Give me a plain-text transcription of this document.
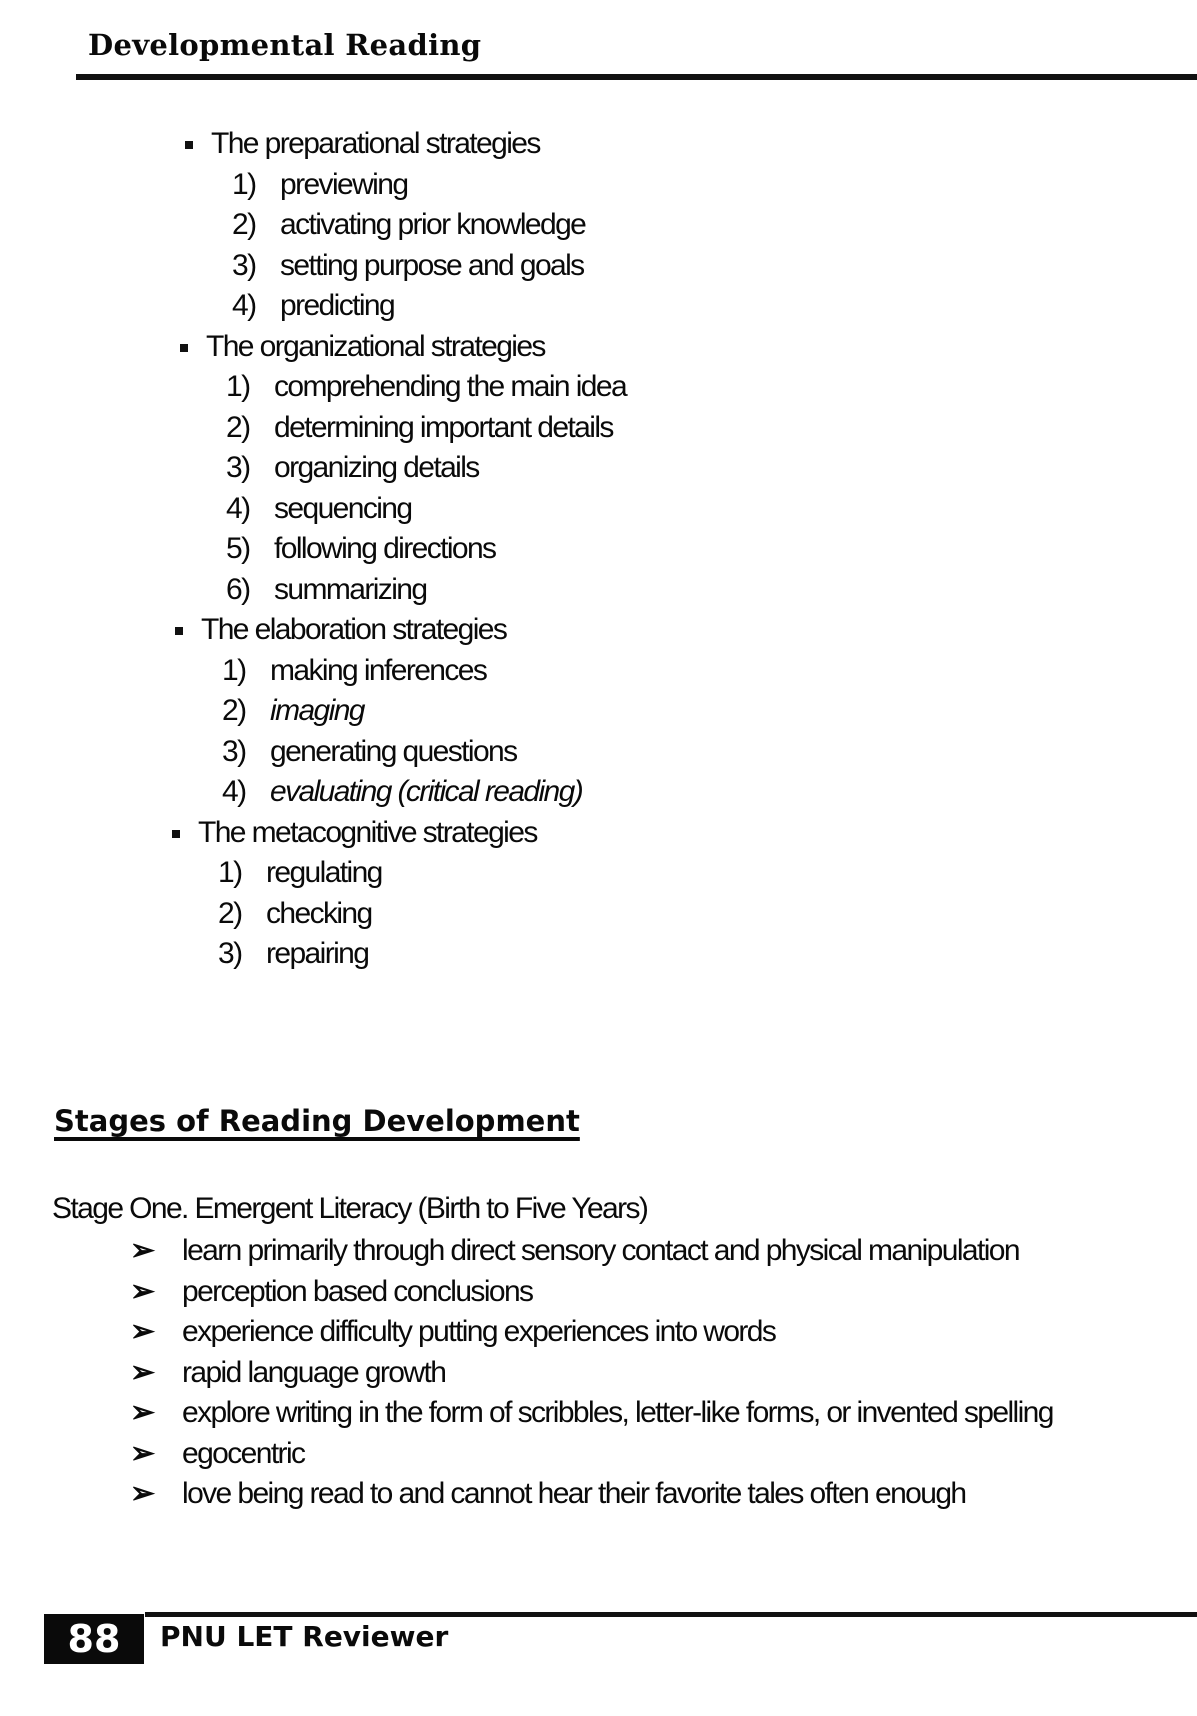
Developmental Reading
The preparational strategies
1) previewing
2) activating prior knowledge
3) setting purpose and goals
4) predicting
The organizational strategies
1) comprehending the main idea
2) determining important details
3) organizing details
4) sequencing
5) following directions
6) summarizing
The elaboration strategies
1) making inferences
2) imaging
3) generating questions
4) evaluating (critical reading)
The metacognitive strategies
1) regulating
2) checking
3) repairing
Stage One. Emergent Literacy (Birth to Five Years)
➢ learn primarily through direct sensory contact and physical manipulation
➢ perception based conclusions
➢ experience difficulty putting experiences into words
➢ rapid language growth
➢ explore writing in the form of scribbles, letter-like forms, or invented spelling
➢ egocentric
➢ love being read to and cannot hear their favorite tales often enough
Stages of Reading Development
88	PNU LET Reviewer
